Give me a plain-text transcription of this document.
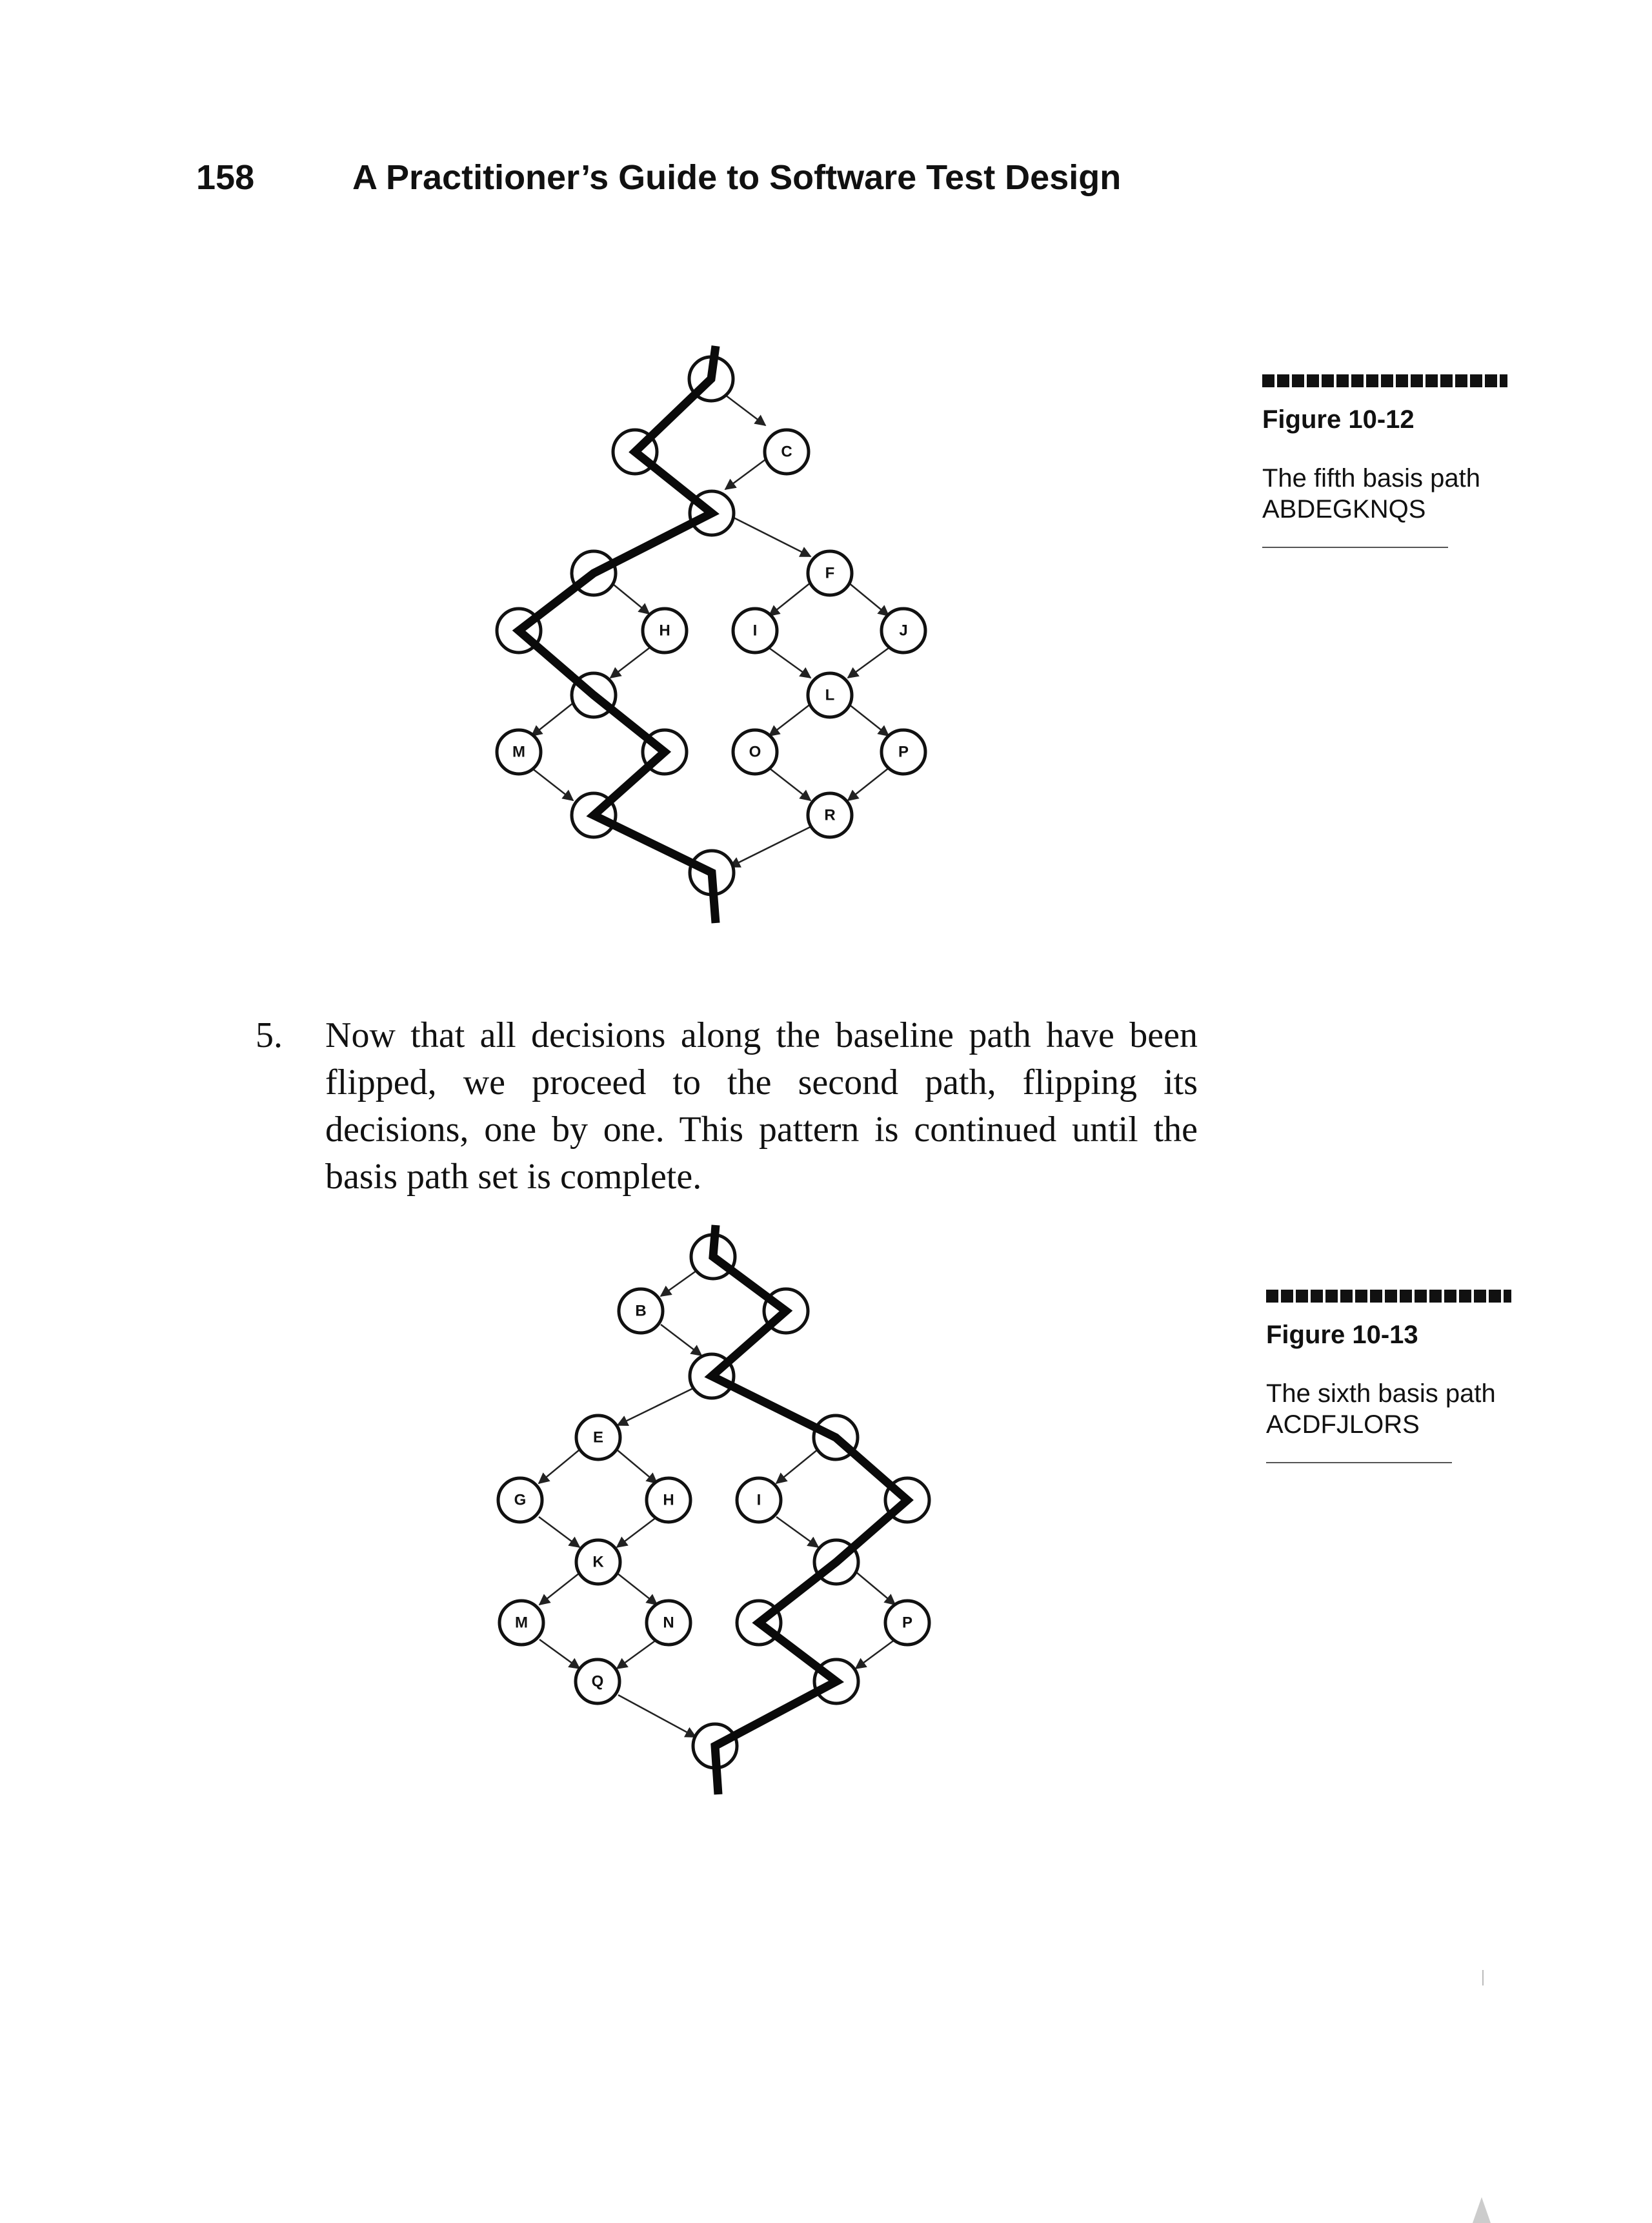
158	A Practitioner’s Guide to Software Test Design
C
F
H	I	J
L
M	O	P
R
Figure 10-12
The fifth basis path
ABDEGKNQS
5. Now that all decisions along the baseline path have been flipped, we proceed to the second path, flipping its decisions, one by one. This pattern is continued until the basis path set is complete.
B
E
G	H	I
K
M	N	P
Q
Figure 10-13
The sixth basis path
ACDFJLORS
